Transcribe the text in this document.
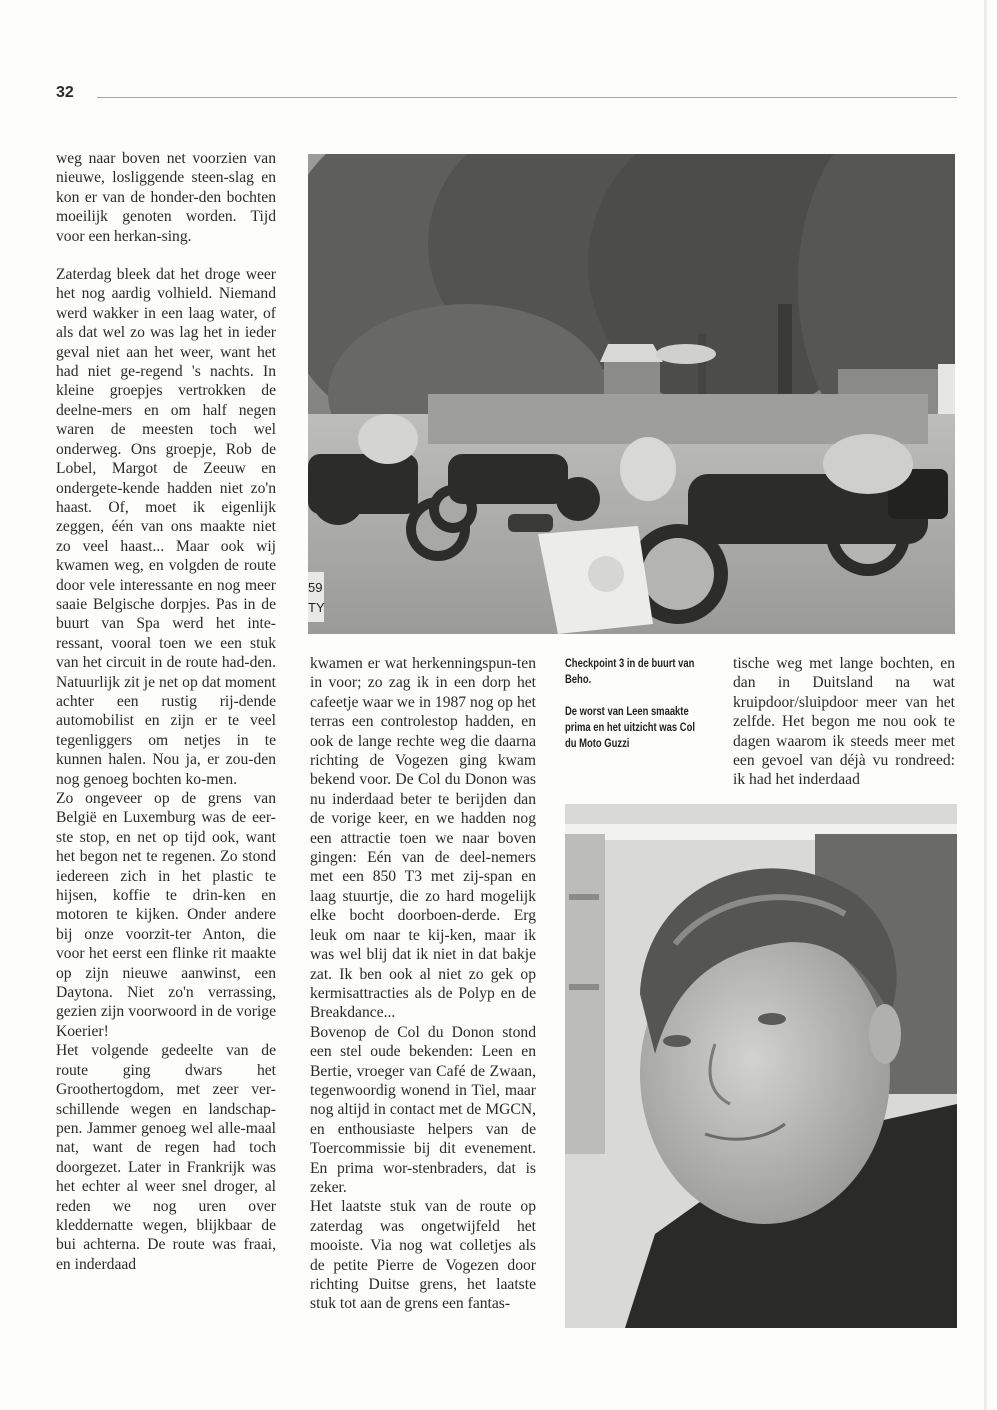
32
59
TY

weg naar boven net voorzien van nieuwe, losliggende steen-slag en kon er van de honder-den bochten moeilijk genoten worden. Tijd voor een herkan-sing.

Zaterdag bleek dat het droge weer het nog aardig volhield. Niemand werd wakker in een laag water, of als dat wel zo was lag het in ieder geval niet aan het weer, want het had niet ge-regend 's nachts. In kleine groepjes vertrokken de deelne-mers en om half negen waren de meesten toch wel onderweg. Ons groepje, Rob de Lobel, Margot de Zeeuw en ondergete-kende hadden niet zo'n haast. Of, moet ik eigenlijk zeggen, één van ons maakte niet zo veel haast... Maar ook wij kwamen weg, en volgden de route door vele interessante en nog meer saaie Belgische dorpjes. Pas in de buurt van Spa werd het inte-ressant, vooral toen we een stuk van het circuit in de route had-den. Natuurlijk zit je net op dat moment achter een rustig rij-dende automobilist en zijn er te veel tegenliggers om netjes in te kunnen halen. Nou ja, er zou-den nog genoeg bochten ko-men.

Zo ongeveer op de grens van België en Luxemburg was de eer-ste stop, en net op tijd ook, want het begon net te regenen. Zo stond iedereen zich in het plastic te hijsen, koffie te drin-ken en motoren te kijken. Onder andere bij onze voorzit-ter Anton, die voor het eerst een flinke rit maakte op zijn nieuwe aanwinst, een Daytona. Niet zo'n verrassing, gezien zijn voorwoord in de vorige Koerier!

Het volgende gedeelte van de route ging dwars het Groothertogdom, met zeer ver-schillende wegen en landschap-pen. Jammer genoeg wel alle-maal nat, want de regen had toch doorgezet. Later in Frankrijk was het echter al weer snel droger, al reden we nog uren over kleddernatte wegen, blijkbaar de bui achterna. De route was fraai, en inderdaad

kwamen er wat herkenningspun-ten in voor; zo zag ik in een dorp het cafeetje waar we in 1987 nog op het terras een controlestop hadden, en ook de lange rechte weg die daarna richting de Vogezen ging kwam bekend voor. De Col du Donon was nu inderdaad beter te berijden dan de vorige keer, en we hadden nog een attractie toen we naar boven gingen: Eén van de deel-nemers met een 850 T3 met zij-span en laag stuurtje, die zo hard mogelijk elke bocht doorboen-derde. Erg leuk om naar te kij-ken, maar ik was wel blij dat ik niet in dat bakje zat. Ik ben ook al niet zo gek op kermisattracties als de Polyp en de Breakdance...

Bovenop de Col du Donon stond een stel oude bekenden: Leen en Bertie, vroeger van Café de Zwaan, tegenwoordig wonend in Tiel, maar nog altijd in contact met de MGCN, en enthousiaste helpers van de Toercommissie bij dit evenement. En prima wor-stenbraders, dat is zeker.

Het laatste stuk van de route op zaterdag was ongetwijfeld het mooiste. Via nog wat colletjes als de petite Pierre de Vogezen door richting Duitse grens, het laatste stuk tot aan de grens een fantas-

Checkpoint 3 in de buurt van Beho.

De worst van Leen smaakte prima en het uitzicht was Col du Moto Guzzi

tische weg met lange bochten, en dan in Duitsland na wat kruipdoor/sluipdoor meer van het zelfde. Het begon me nou ook te dagen waarom ik steeds meer met een gevoel van déjà vu rondreed: ik had het inderdaad
